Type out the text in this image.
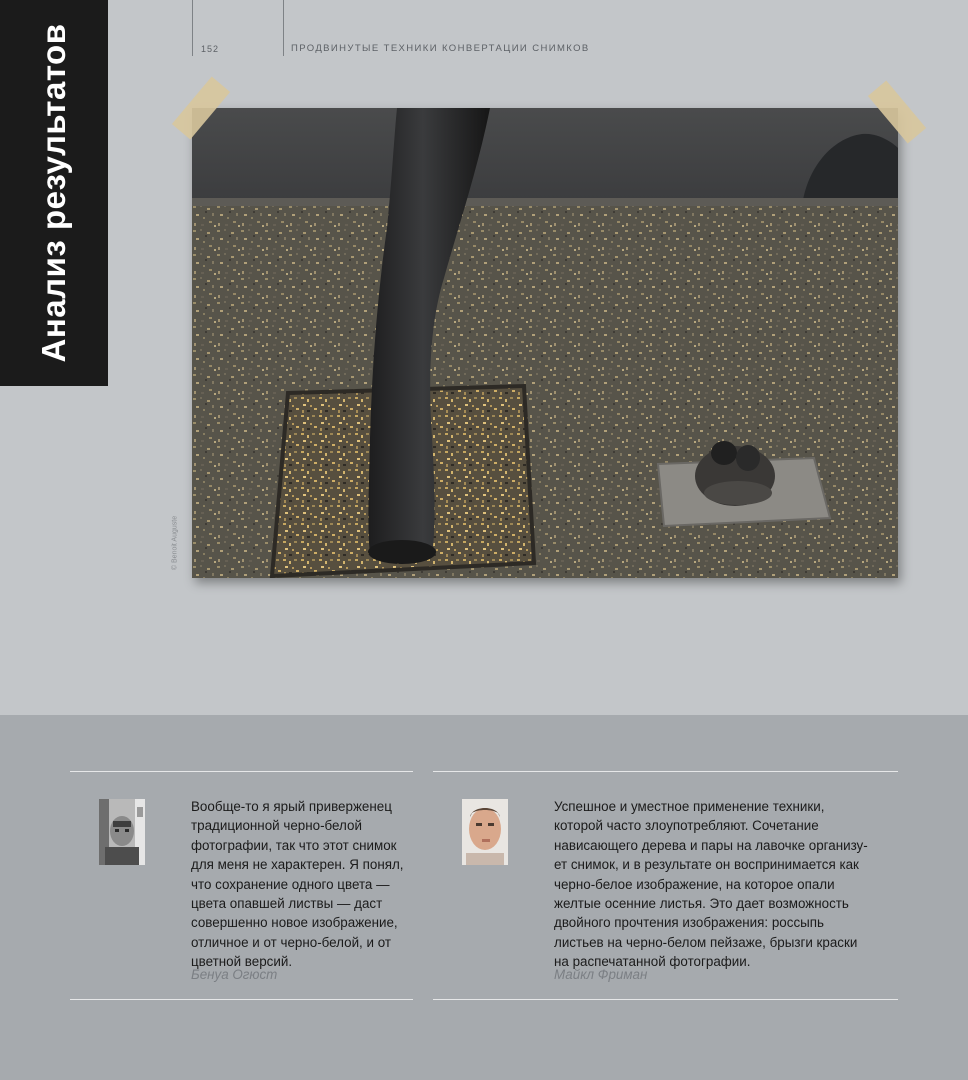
Анализ результатов	152	ПРОДВИНУТЫЕ ТЕХНИКИ КОНВЕРТАЦИИ СНИМКОВ
© Benoit Auguste
Вообще-то я ярый приверженец
традиционной черно-белой
фотографии, так что этот снимок
для меня не характерен. Я понял,
что сохранение одного цвета —
цвета опавшей листвы — даст
совершенно новое изображение,
отличное и от черно-белой, и от
цветной версий.
Бенуа Огюст
Успешное и уместное применение техники,
которой часто злоупотребляют. Сочетание
нависающего дерева и пары на лавочке организу-
ет снимок, и в результате он воспринимается как
черно-белое изображение, на которое опали
желтые осенние листья. Это дает возможность
двойного прочтения изображения: россыпь
листьев на черно-белом пейзаже, брызги краски
на распечатанной фотографии.
Майкл Фриман
